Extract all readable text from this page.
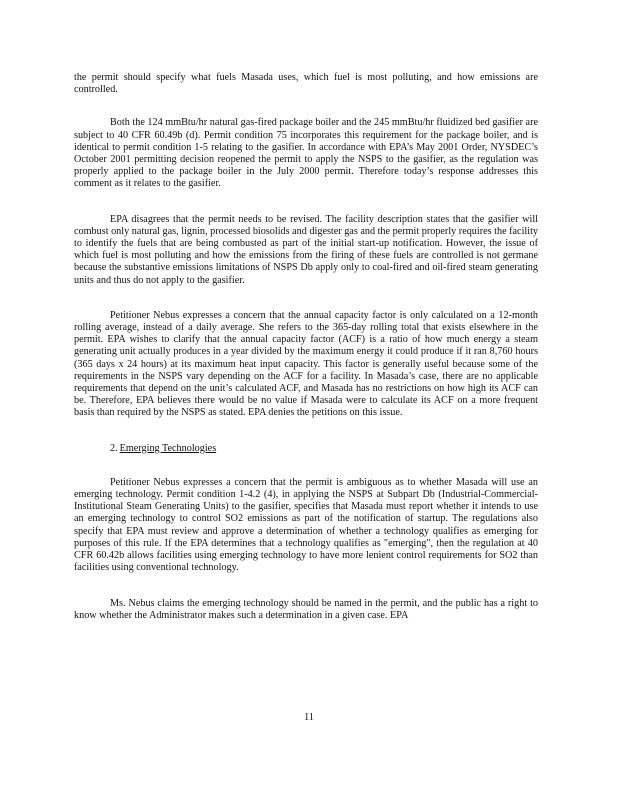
the permit should specify what fuels Masada uses, which fuel is most polluting, and how emissions are controlled.

Both the 124 mmBtu/hr natural gas-fired package boiler and the 245 mmBtu/hr fluidized bed gasifier are subject to 40 CFR 60.49b (d). Permit condition 75 incorporates this requirement for the package boiler, and is identical to permit condition 1-5 relating to the gasifier. In accordance with EPA’s May 2001 Order, NYSDEC’s October 2001 permitting decision reopened the permit to apply the NSPS to the gasifier, as the regulation was properly applied to the package boiler in the July 2000 permit. Therefore today’s response addresses this comment as it relates to the gasifier.

EPA disagrees that the permit needs to be revised. The facility description states that the gasifier will combust only natural gas, lignin, processed biosolids and digester gas and the permit properly requires the facility to identify the fuels that are being combusted as part of the initial start-up notification. However, the issue of which fuel is most polluting and how the emissions from the firing of these fuels are controlled is not germane because the substantive emissions limitations of NSPS Db apply only to coal-fired and oil-fired steam generating units and thus do not apply to the gasifier.

Petitioner Nebus expresses a concern that the annual capacity factor is only calculated on a 12-month rolling average, instead of a daily average. She refers to the 365-day rolling total that exists elsewhere in the permit. EPA wishes to clarify that the annual capacity factor (ACF) is a ratio of how much energy a steam generating unit actually produces in a year divided by the maximum energy it could produce if it ran 8,760 hours (365 days x 24 hours) at its maximum heat input capacity. This factor is generally useful because some of the requirements in the NSPS vary depending on the ACF for a facility. In Masada’s case, there are no applicable requirements that depend on the unit’s calculated ACF, and Masada has no restrictions on how high its ACF can be. Therefore, EPA believes there would be no value if Masada were to calculate its ACF on a more frequent basis than required by the NSPS as stated. EPA denies the petitions on this issue.

2. Emerging Technologies

Petitioner Nebus expresses a concern that the permit is ambiguous as to whether Masada will use an emerging technology. Permit condition 1-4.2 (4), in applying the NSPS at Subpart Db (Industrial-Commercial-Institutional Steam Generating Units) to the gasifier, specifies that Masada must report whether it intends to use an emerging technology to control SO2 emissions as part of the notification of startup. The regulations also specify that EPA must review and approve a determination of whether a technology qualifies as emerging for purposes of this rule. If the EPA determines that a technology qualifies as "emerging", then the regulation at 40 CFR 60.42b allows facilities using emerging technology to have more lenient control requirements for SO2 than facilities using conventional technology.

Ms. Nebus claims the emerging technology should be named in the permit, and the public has a right to know whether the Administrator makes such a determination in a given case. EPA

11
